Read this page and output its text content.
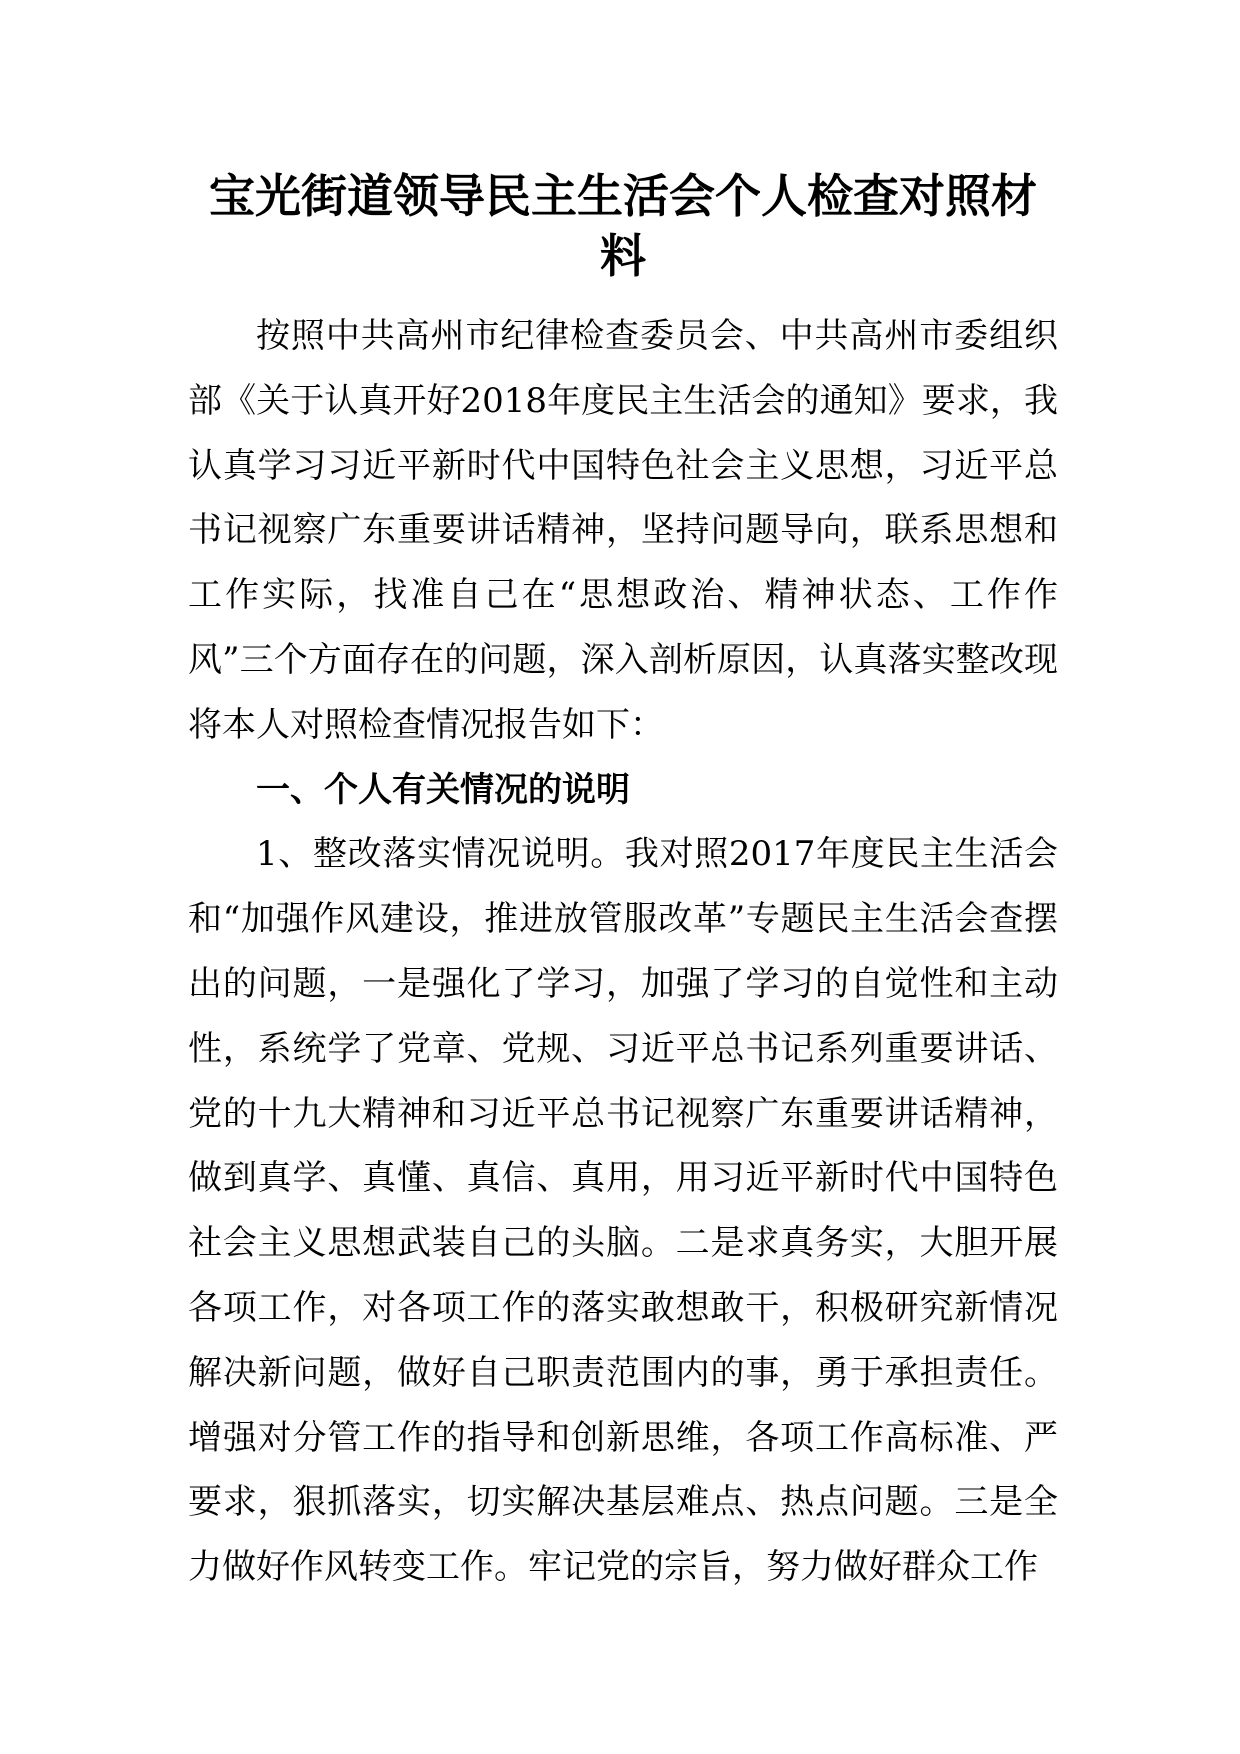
宝光街道领导民主生活会个人检查对照材料

按照中共高州市纪律检查委员会、中共高州市委组织部《关于认真开好2018年度民主生活会的通知》要求，我认真学习习近平新时代中国特色社会主义思想，习近平总书记视察广东重要讲话精神，坚持问题导向，联系思想和工作实际，找准自己在“思想政治、精神状态、工作作风”三个方面存在的问题，深入剖析原因，认真落实整改现将本人对照检查情况报告如下：

一、个人有关情况的说明

1、整改落实情况说明。我对照2017年度民主生活会和“加强作风建设，推进放管服改革”专题民主生活会查摆出的问题，一是强化了学习，加强了学习的自觉性和主动性，系统学了党章、党规、习近平总书记系列重要讲话、党的十九大精神和习近平总书记视察广东重要讲话精神，做到真学、真懂、真信、真用，用习近平新时代中国特色社会主义思想武装自己的头脑。二是求真务实，大胆开展各项工作，对各项工作的落实敢想敢干，积极研究新情况解决新问题，做好自己职责范围内的事，勇于承担责任。增强对分管工作的指导和创新思维，各项工作高标准、严要求，狠抓落实，切实解决基层难点、热点问题。三是全力做好作风转变工作。牢记党的宗旨，努力做好群众工作
